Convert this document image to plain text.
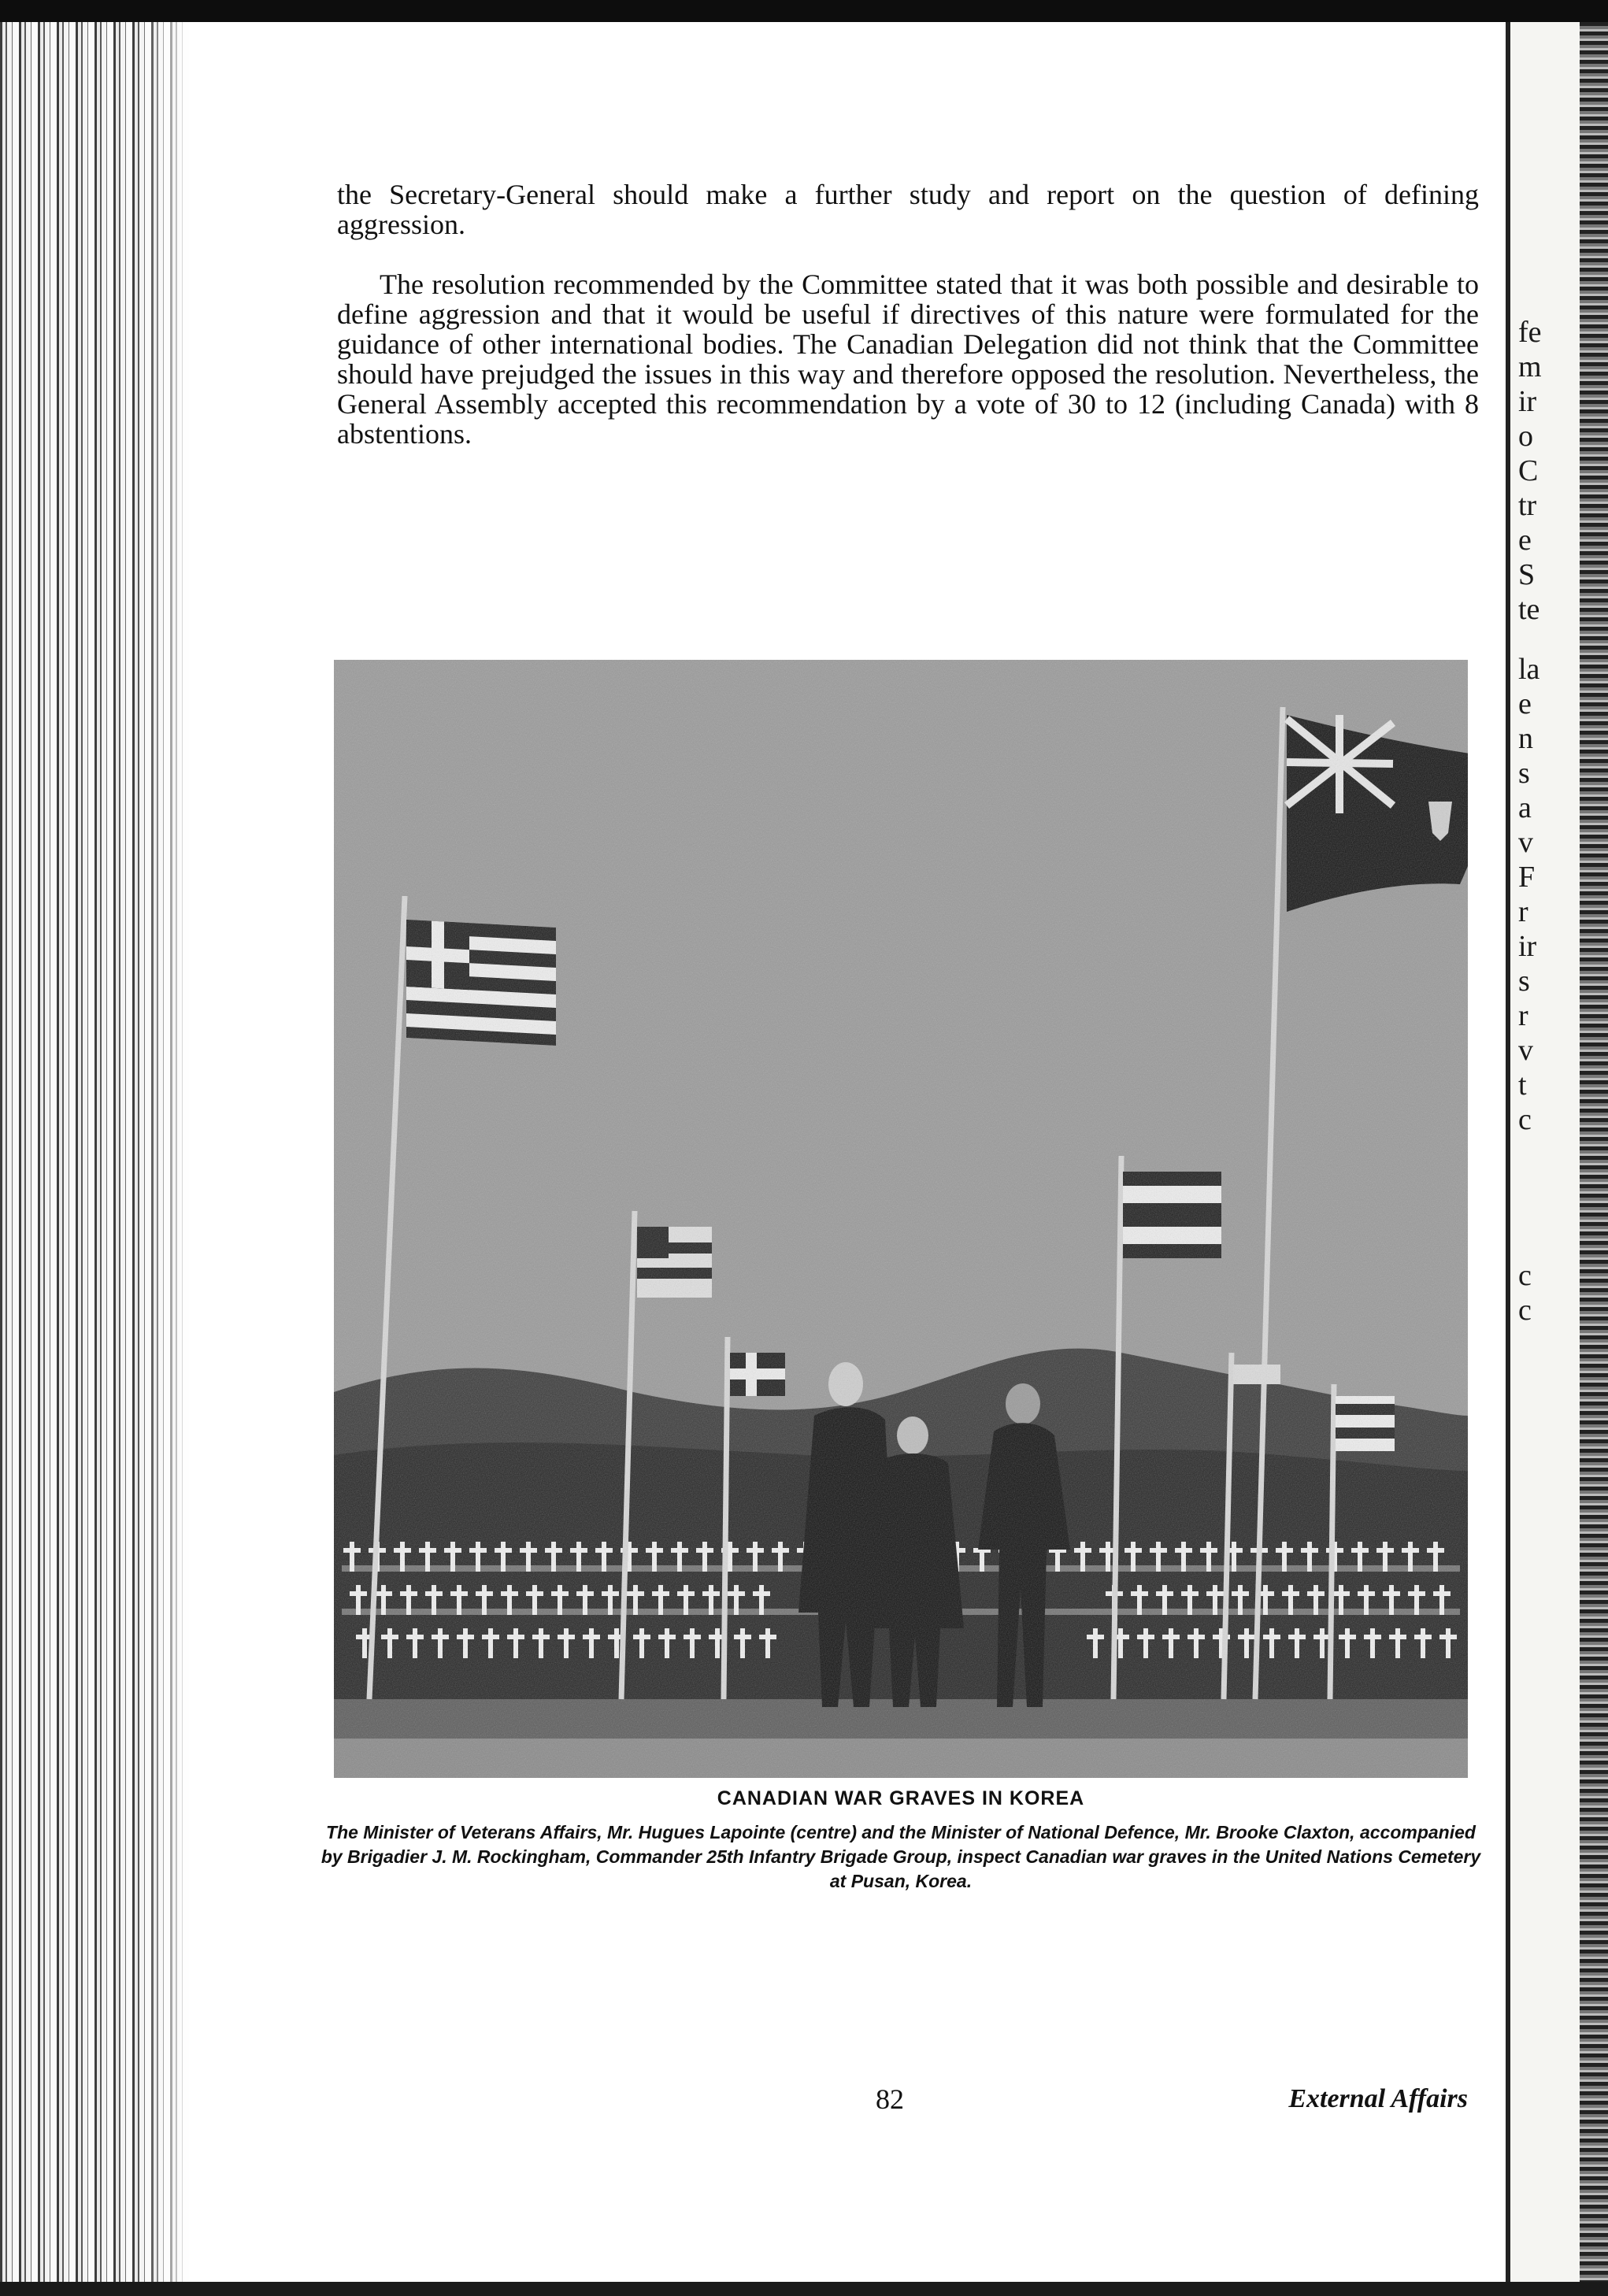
fe
m
ir
o
C
tr
e
S
te
la
e
n
s
a
v
F
r
ir
s
r
v
t
c
c
c

the Secretary-General should make a further study and report on the question of defining aggression.

The resolution recommended by the Committee stated that it was both possible and desirable to define aggression and that it would be useful if directives of this nature were formulated for the guidance of other international bodies. The Canadian Delegation did not think that the Committee should have prejudged the issues in this way and therefore opposed the resolution. Nevertheless, the General Assembly accepted this recommendation by a vote of 30 to 12 (including Canada) with 8 abstentions.

CANADIAN WAR GRAVES IN KOREA

The Minister of Veterans Affairs, Mr. Hugues Lapointe (centre) and the Minister of National Defence, Mr. Brooke Claxton, accompanied by Brigadier J. M. Rockingham, Commander 25th Infantry Brigade Group, inspect Canadian war graves in the United Nations Cemetery at Pusan, Korea.

82	External Affairs
